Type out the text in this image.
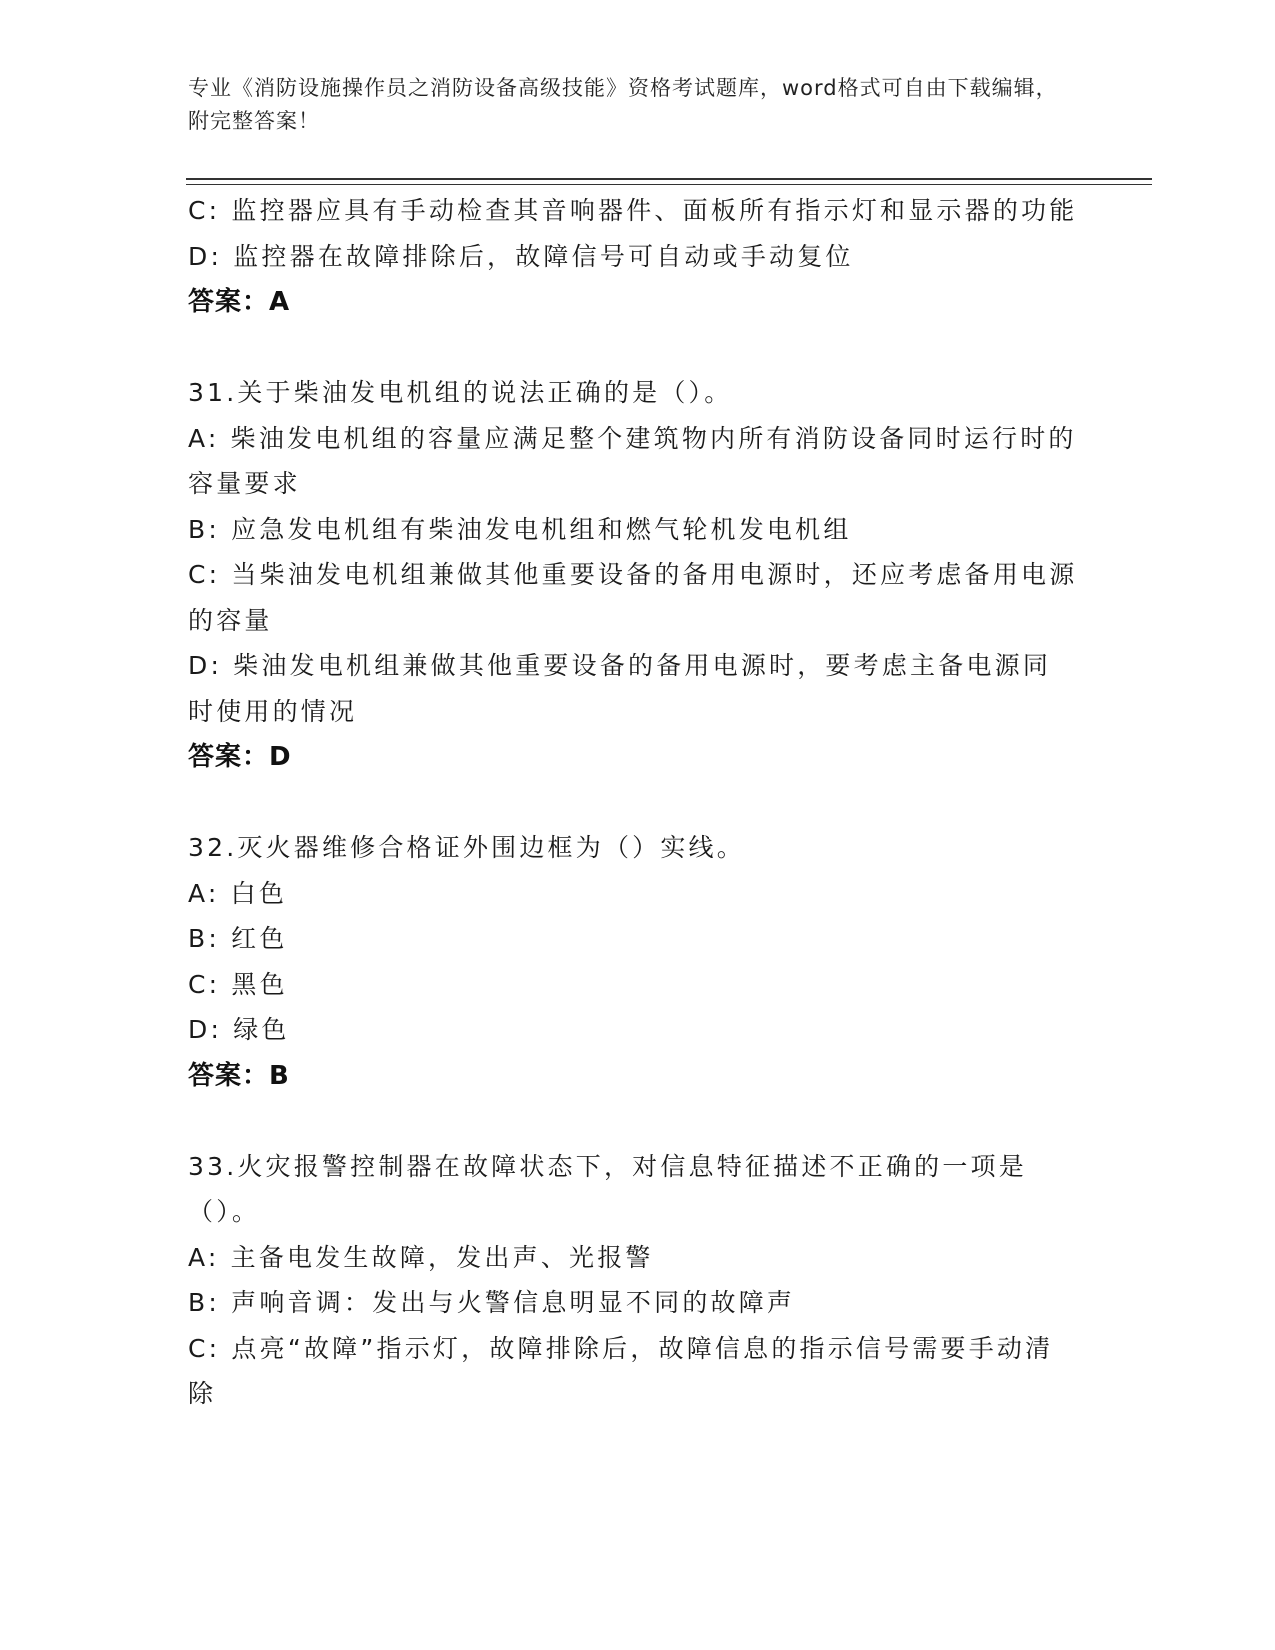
专业《消防设施操作员之消防设备高级技能》资格考试题库，word格式可自由下载编辑，附完整答案！
C: 监控器应具有手动检查其音响器件、面板所有指示灯和显示器的功能
D: 监控器在故障排除后，故障信号可自动或手动复位
答案：A
31.关于柴油发电机组的说法正确的是（）。
A: 柴油发电机组的容量应满足整个建筑物内所有消防设备同时运行时的容量要求
B: 应急发电机组有柴油发电机组和燃气轮机发电机组
C: 当柴油发电机组兼做其他重要设备的备用电源时，还应考虑备用电源的容量
D: 柴油发电机组兼做其他重要设备的备用电源时，要考虑主备电源同时使用的情况
答案：D
32.灭火器维修合格证外围边框为（）实线。
A: 白色
B: 红色
C: 黑色
D: 绿色
答案：B
33.火灾报警控制器在故障状态下，对信息特征描述不正确的一项是（）。
A: 主备电发生故障，发出声、光报警
B: 声响音调：发出与火警信息明显不同的故障声
C: 点亮“故障”指示灯，故障排除后，故障信息的指示信号需要手动清除
